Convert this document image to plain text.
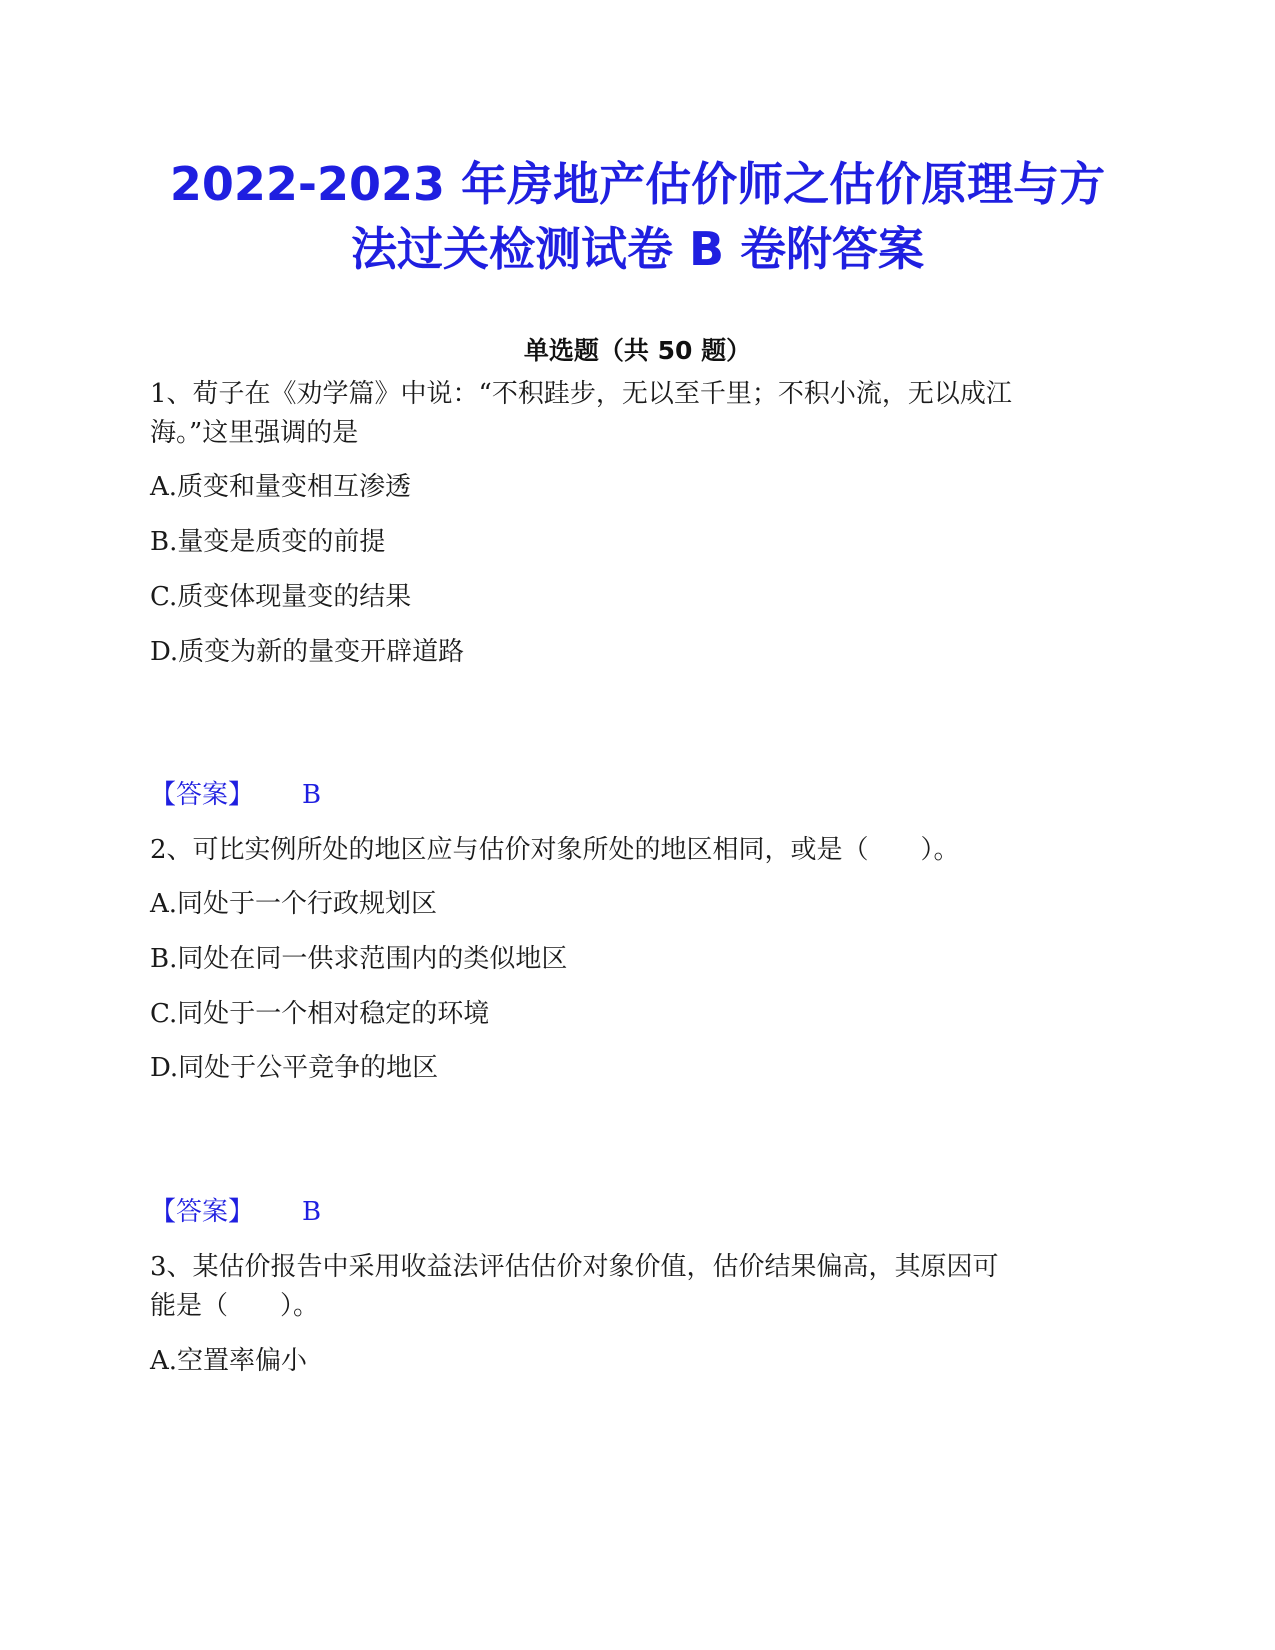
2022-2023 年房地产估价师之估价原理与方
法过关检测试卷 B 卷附答案
单选题（共 50 题）
1、荀子在《劝学篇》中说：“不积跬步，无以至千里；不积小流，无以成江
海。”这里强调的是
A.质变和量变相互渗透
B.量变是质变的前提
C.质变体现量变的结果
D.质变为新的量变开辟道路
【答案】 B
2、可比实例所处的地区应与估价对象所处的地区相同，或是（　　）。
A.同处于一个行政规划区
B.同处在同一供求范围内的类似地区
C.同处于一个相对稳定的环境
D.同处于公平竞争的地区
【答案】 B
3、某估价报告中采用收益法评估估价对象价值，估价结果偏高，其原因可
能是（　　）。
A.空置率偏小
